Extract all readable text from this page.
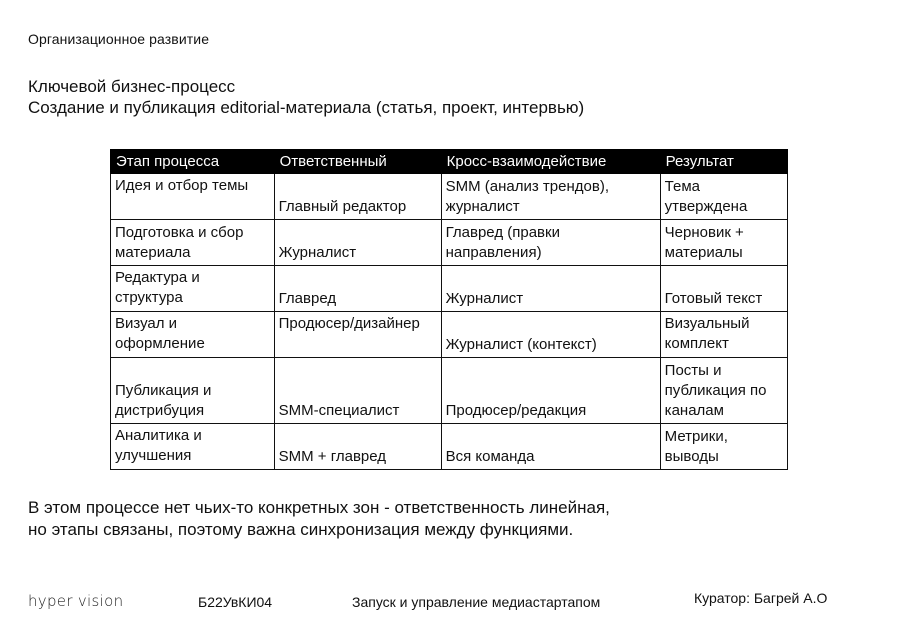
Организационное развитие
Ключевой бизнес-процесс
Создание и публикация editorial-материала (статья, проект, интервью)
Этап процесса	Ответственный	Кросс-взаимодействие	Результат
Идея и отбор темы	Главный редактор	SMM (анализ трендов), журналист	Тема утверждена
Подготовка и сбор материала	Журналист	Главред (правки направления)	Черновик + материалы
Редактура и структура	Главред	Журналист	Готовый текст
Визуал и оформление	Продюсер/дизайнер	Журналист (контекст)	Визуальный комплект
Публикация и дистрибуция	SMM-специалист	Продюсер/редакция	Посты и публикация по каналам
Аналитика и улучшения	SMM + главред	Вся команда	Метрики, выводы
В этом процессе нет чьих-то конкретных зон - ответственность линейная,
но этапы связаны, поэтому важна синхронизация между функциями.
hyper vision	Б22УвКИ04	Запуск и управление медиастартапом	Куратор: Багрей А.О
